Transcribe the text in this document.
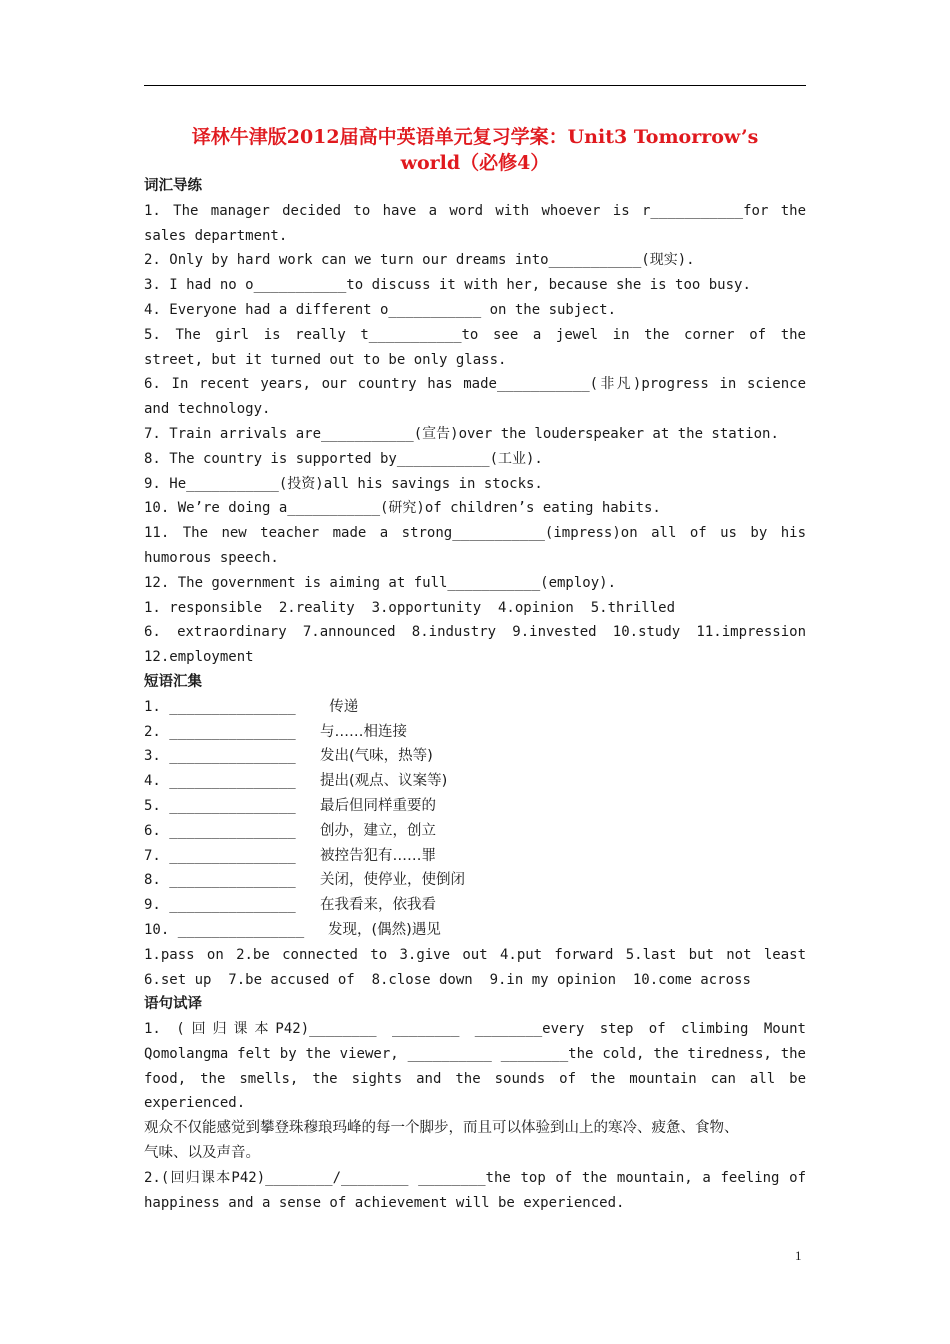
译林牛津版2012届高中英语单元复习学案：Unit3 Tomorrow’s
world（必修4）
词汇导练
1. The manager decided to have a word with whoever is r___________for the
sales department.
2. Only by hard work can we turn our dreams into___________(现实).
3. I had no o___________to discuss it with her, because she is too busy.
4. Everyone had a different o___________ on the subject.
5. The girl is really t___________to see a jewel in the corner of the
street, but it turned out to be only glass.
6. In recent years, our country has made___________(非凡)progress in science
and technology.
7. Train arrivals are___________(宣告)over the louderspeaker at the station.
8. The country is supported by___________(工业).
9. He___________(投资)all his savings in stocks.
10. We’re doing a___________(研究)of children’s eating habits.
11. The new teacher made a strong___________(impress)on all of us by his
humorous speech.
12. The government is aiming at full___________(employ).
1. responsible  2.reality  3.opportunity  4.opinion  5.thrilled
6. extraordinary 7.announced 8.industry 9.invested 10.study 11.impression
12.employment
短语汇集
1. _______________	传递
2. _______________	与……相连接
3. _______________	发出(气味，热等)
4. _______________	提出(观点、议案等)
5. _______________	最后但同样重要的
6. _______________	创办，建立，创立
7. _______________	被控告犯有……罪
8. _______________	关闭，使停业，使倒闭
9. _______________	在我看来，依我看
10. _______________	发现，(偶然)遇见
1.pass on 2.be connected to 3.give out 4.put forward 5.last but not least
6.set up  7.be accused of  8.close down  9.in my opinion  10.come across
语句试译
1. (回归课本P42)________ ________ ________every step of climbing Mount
Qomolangma felt by the viewer, __________ ________the cold, the tiredness, the
food, the smells, the sights and the sounds of the mountain can all be
experienced.
观众不仅能感觉到攀登珠穆琅玛峰的每一个脚步，而且可以体验到山上的寒冷、疲惫、食物、
气味、以及声音。
2.(回归课本P42)________/________ ________the top of the mountain, a feeling of
happiness and a sense of achievement will be experienced.
1
